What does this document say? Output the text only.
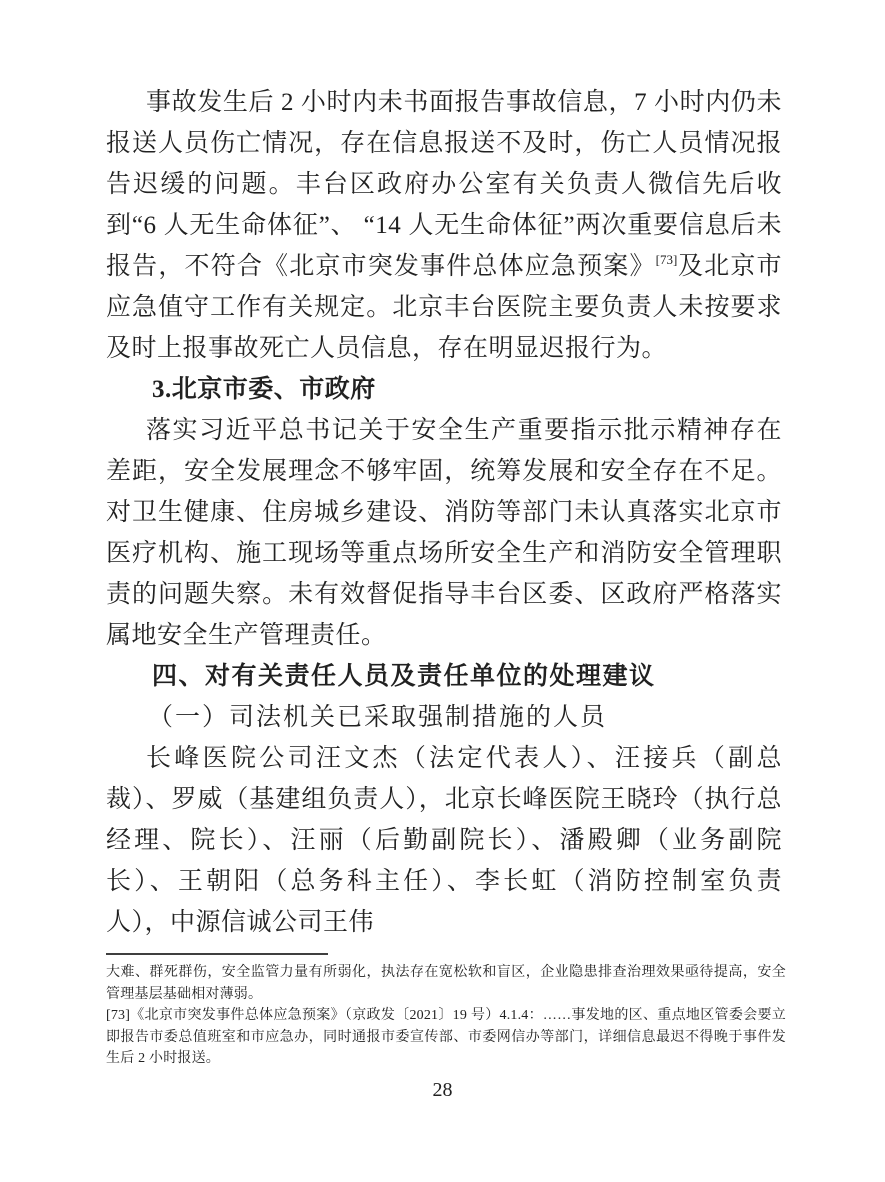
事故发生后 2 小时内未书面报告事故信息，7 小时内仍未报送人员伤亡情况，存在信息报送不及时，伤亡人员情况报告迟缓的问题。丰台区政府办公室有关负责人微信先后收到“6 人无生命体征”、 “14 人无生命体征”两次重要信息后未报告，不符合《北京市突发事件总体应急预案》[73]及北京市应急值守工作有关规定。北京丰台医院主要负责人未按要求及时上报事故死亡人员信息，存在明显迟报行为。

3.北京市委、市政府

落实习近平总书记关于安全生产重要指示批示精神存在差距，安全发展理念不够牢固，统筹发展和安全存在不足。对卫生健康、住房城乡建设、消防等部门未认真落实北京市医疗机构、施工现场等重点场所安全生产和消防安全管理职责的问题失察。未有效督促指导丰台区委、区政府严格落实属地安全生产管理责任。

四、对有关责任人员及责任单位的处理建议

（一）司法机关已采取强制措施的人员

长峰医院公司汪文杰（法定代表人）、汪接兵（副总裁）、罗威（基建组负责人），北京长峰医院王晓玲（执行总经理、院长）、汪丽（后勤副院长）、潘殿卿（业务副院长）、王朝阳（总务科主任）、李长虹（消防控制室负责人），中源信诚公司王伟

大难、群死群伤，安全监管力量有所弱化，执法存在宽松软和盲区，企业隐患排查治理效果亟待提高，安全管理基层基础相对薄弱。

[73]《北京市突发事件总体应急预案》（京政发〔2021〕19 号）4.1.4：……事发地的区、重点地区管委会要立即报告市委总值班室和市应急办，同时通报市委宣传部、市委网信办等部门，详细信息最迟不得晚于事件发生后 2 小时报送。

28
